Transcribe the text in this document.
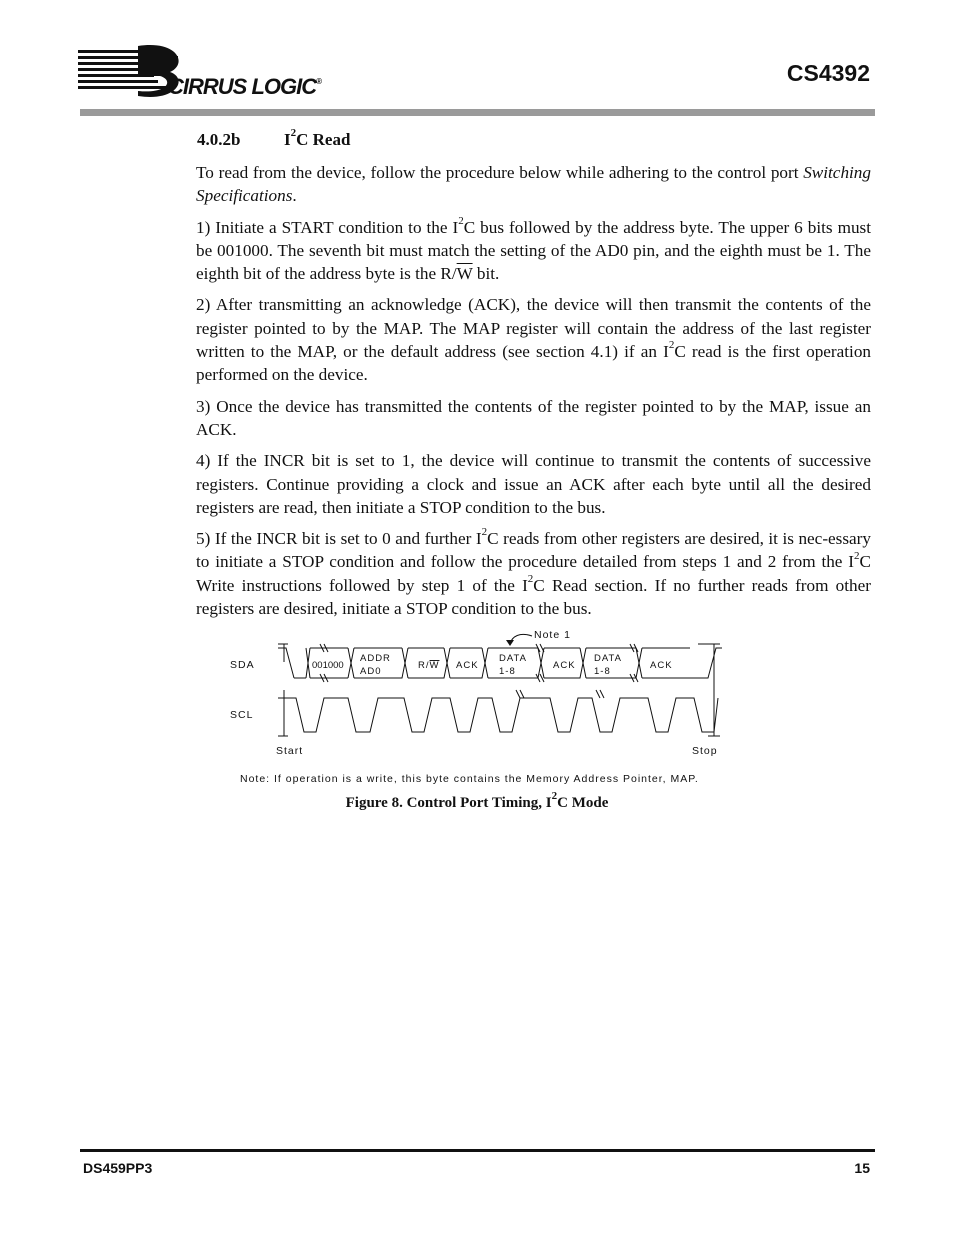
CIRRUS LOGIC®	CS4392
4.0.2b	$I^2C$ Read

To read from the device, follow the procedure below while adhering to the control port Switching Specifications.

1) Initiate a START condition to the $I^2C$ bus followed by the address byte. The upper 6 bits must be 001000. The seventh bit must match the setting of the AD0 pin, and the eighth must be 1. The eighth bit of the address byte is the $R/\overline{W}$ bit.

2) After transmitting an acknowledge (ACK), the device will then transmit the contents of the register pointed to by the MAP. The MAP register will contain the address of the last register written to the MAP, or the default address (see section 4.1) if an $I^2C$ read is the first operation performed on the device.

3) Once the device has transmitted the contents of the register pointed to by the MAP, issue an ACK.

4) If the INCR bit is set to 1, the device will continue to transmit the contents of successive registers. Continue providing a clock and issue an ACK after each byte until all the desired registers are read, then initiate a STOP condition to the bus.

5) If the INCR bit is set to 0 and further $I^2C$ reads from other registers are desired, it is nec-essary to initiate a STOP condition and follow the procedure detailed from steps 1 and 2 from the $I^2C$ Write instructions followed by step 1 of the $I^2C$ Read section. If no further reads from other registers are desired, initiate a STOP condition to the bus.

SDA
SCL
Start	Stop
Note 1
001000
ADDR
AD0
R/W ACK
DATA
1-8
ACK
DATA
1-8
ACK
Note: If operation is a write, this byte contains the Memory Address Pointer, MAP.
Figure 8. Control Port Timing, $I^2C$ Mode
DS459PP3	15
